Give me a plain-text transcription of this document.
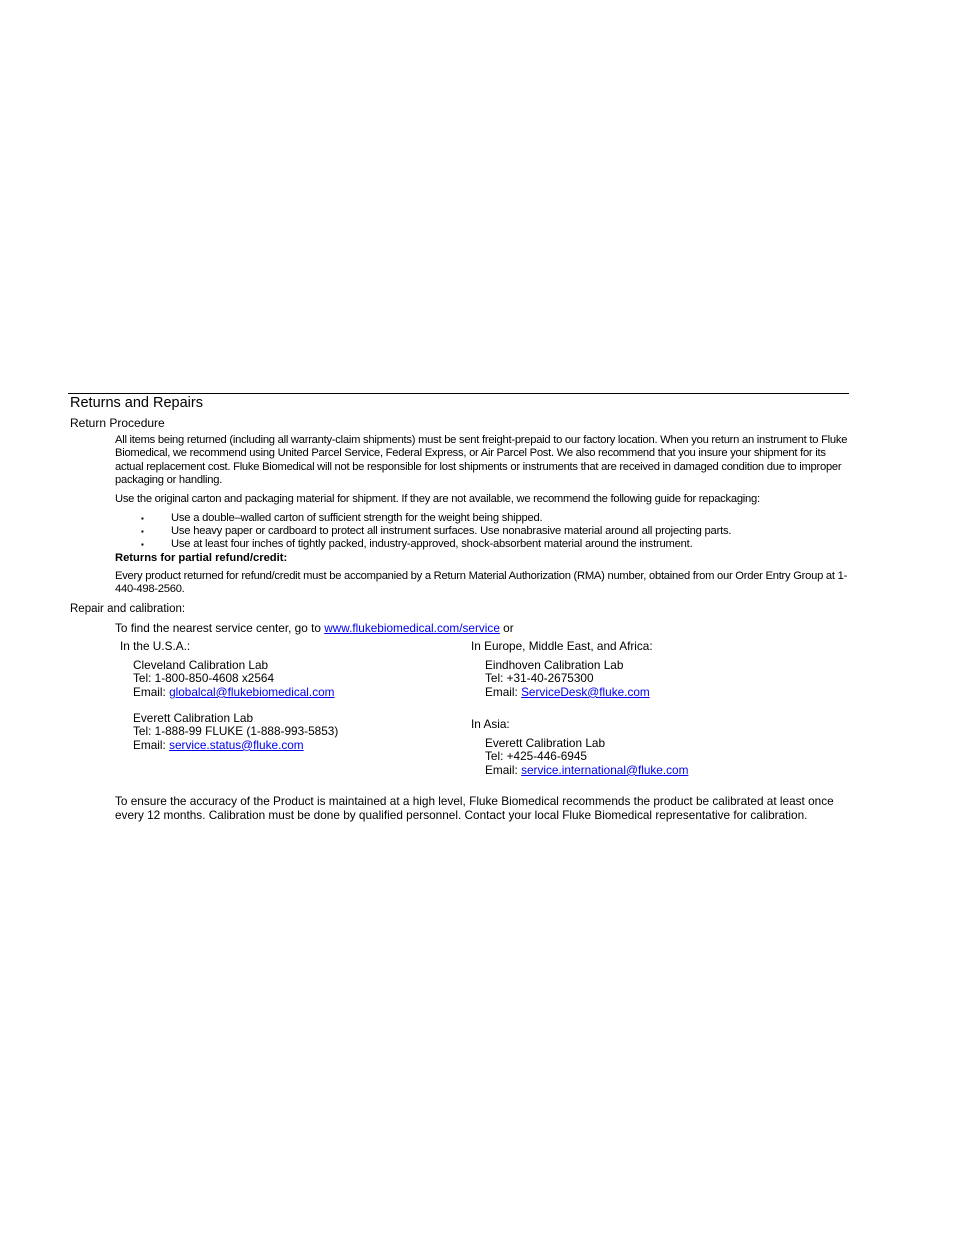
Returns and Repairs
Return Procedure
All items being returned (including all warranty-claim shipments) must be sent freight-prepaid to our factory location. When you return an instrument to Fluke Biomedical, we recommend using United Parcel Service, Federal Express, or Air Parcel Post. We also recommend that you insure your shipment for its actual replacement cost. Fluke Biomedical will not be responsible for lost shipments or instruments that are received in damaged condition due to improper packaging or handling.
Use the original carton and packaging material for shipment. If they are not available, we recommend the following guide for repackaging:
▪	Use a double–walled carton of sufficient strength for the weight being shipped.
▪	Use heavy paper or cardboard to protect all instrument surfaces. Use nonabrasive material around all projecting parts.
▪	Use at least four inches of tightly packed, industry-approved, shock-absorbent material around the instrument.
Returns for partial refund/credit:
Every product returned for refund/credit must be accompanied by a Return Material Authorization (RMA) number, obtained from our Order Entry Group at 1-440-498-2560.
Repair and calibration:
To find the nearest service center, go to www.flukebiomedical.com/service or
In the U.S.A.:	In Europe, Middle East, and Africa:
Cleveland Calibration Lab
Tel: 1-800-850-4608 x2564
Email: globalcal@flukebiomedical.com
Everett Calibration Lab
Tel: 1-888-99 FLUKE (1-888-993-5853)
Email: service.status@fluke.com
Eindhoven Calibration Lab
Tel: +31-40-2675300
Email: ServiceDesk@fluke.com
In Asia:
Everett Calibration Lab
Tel: +425-446-6945
Email: service.international@fluke.com
To ensure the accuracy of the Product is maintained at a high level, Fluke Biomedical recommends the product be calibrated at least once every 12 months. Calibration must be done by qualified personnel. Contact your local Fluke Biomedical representative for calibration.
